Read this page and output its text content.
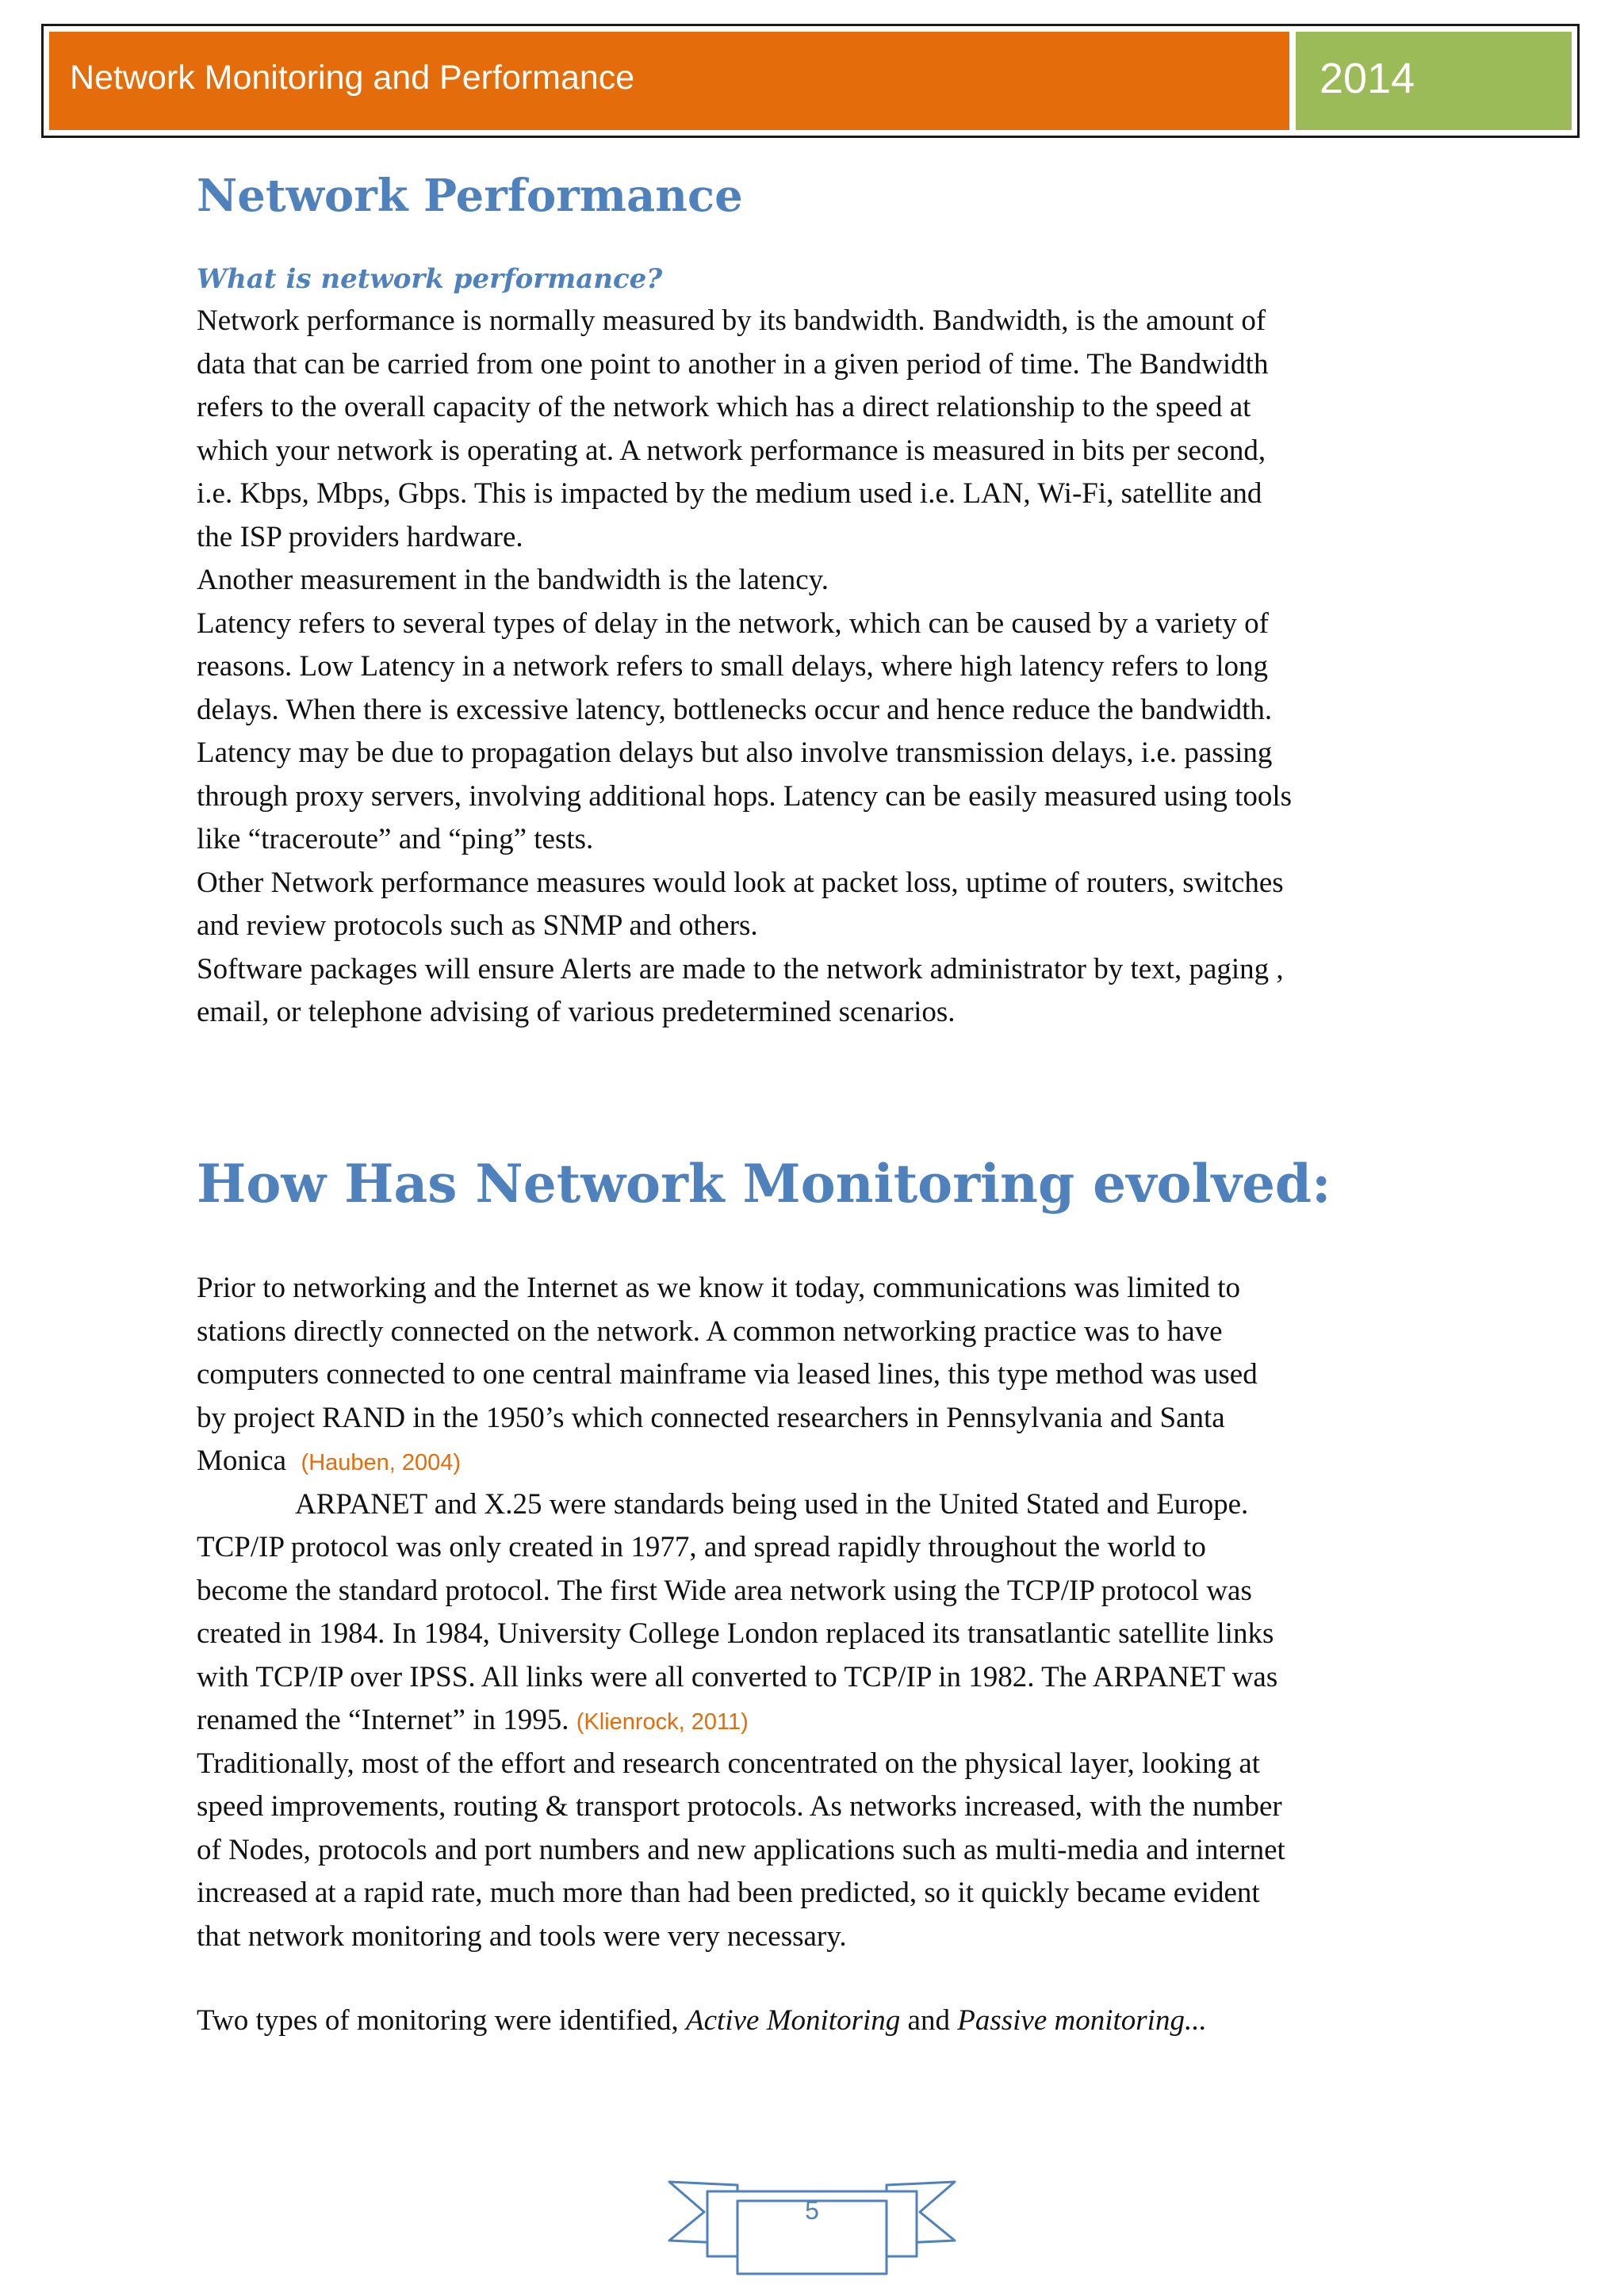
Network Monitoring and Performance	2014
Network Performance
What is network performance?
Network performance is normally measured by its bandwidth. Bandwidth, is the amount of
data that can be carried from one point to another in a given period of time. The Bandwidth
refers to the overall capacity of the network which has a direct relationship to the speed at
which your network is operating at. A network performance is measured in bits per second,
i.e. Kbps, Mbps, Gbps. This is impacted by the medium used i.e. LAN, Wi-Fi, satellite and
the ISP providers hardware.
Another measurement in the bandwidth is the latency.
Latency refers to several types of delay in the network, which can be caused by a variety of
reasons. Low Latency in a network refers to small delays, where high latency refers to long
delays. When there is excessive latency, bottlenecks occur and hence reduce the bandwidth.
Latency may be due to propagation delays but also involve transmission delays, i.e. passing
through proxy servers, involving additional hops. Latency can be easily measured using tools
like “traceroute” and “ping” tests.
Other Network performance measures would look at packet loss, uptime of routers, switches
and review protocols such as SNMP and others.
Software packages will ensure Alerts are made to the network administrator by text, paging ,
email, or telephone advising of various predetermined scenarios.
How Has Network Monitoring evolved:
Prior to networking and the Internet as we know it today, communications was limited to
stations directly connected on the network. A common networking practice was to have
computers connected to one central mainframe via leased lines, this type method was used
by project RAND in the 1950’s which connected researchers in Pennsylvania and Santa
Monica (Hauben, 2004)
ARPANET and X.25 were standards being used in the United Stated and Europe.
TCP/IP protocol was only created in 1977, and spread rapidly throughout the world to
become the standard protocol. The first Wide area network using the TCP/IP protocol was
created in 1984. In 1984, University College London replaced its transatlantic satellite links
with TCP/IP over IPSS. All links were all converted to TCP/IP in 1982. The ARPANET was
renamed the “Internet” in 1995. (Klienrock, 2011)
Traditionally, most of the effort and research concentrated on the physical layer, looking at
speed improvements, routing & transport protocols. As networks increased, with the number
of Nodes, protocols and port numbers and new applications such as multi-media and internet
increased at a rapid rate, much more than had been predicted, so it quickly became evident
that network monitoring and tools were very necessary.
Two types of monitoring were identified, Active Monitoring and Passive monitoring...
5
